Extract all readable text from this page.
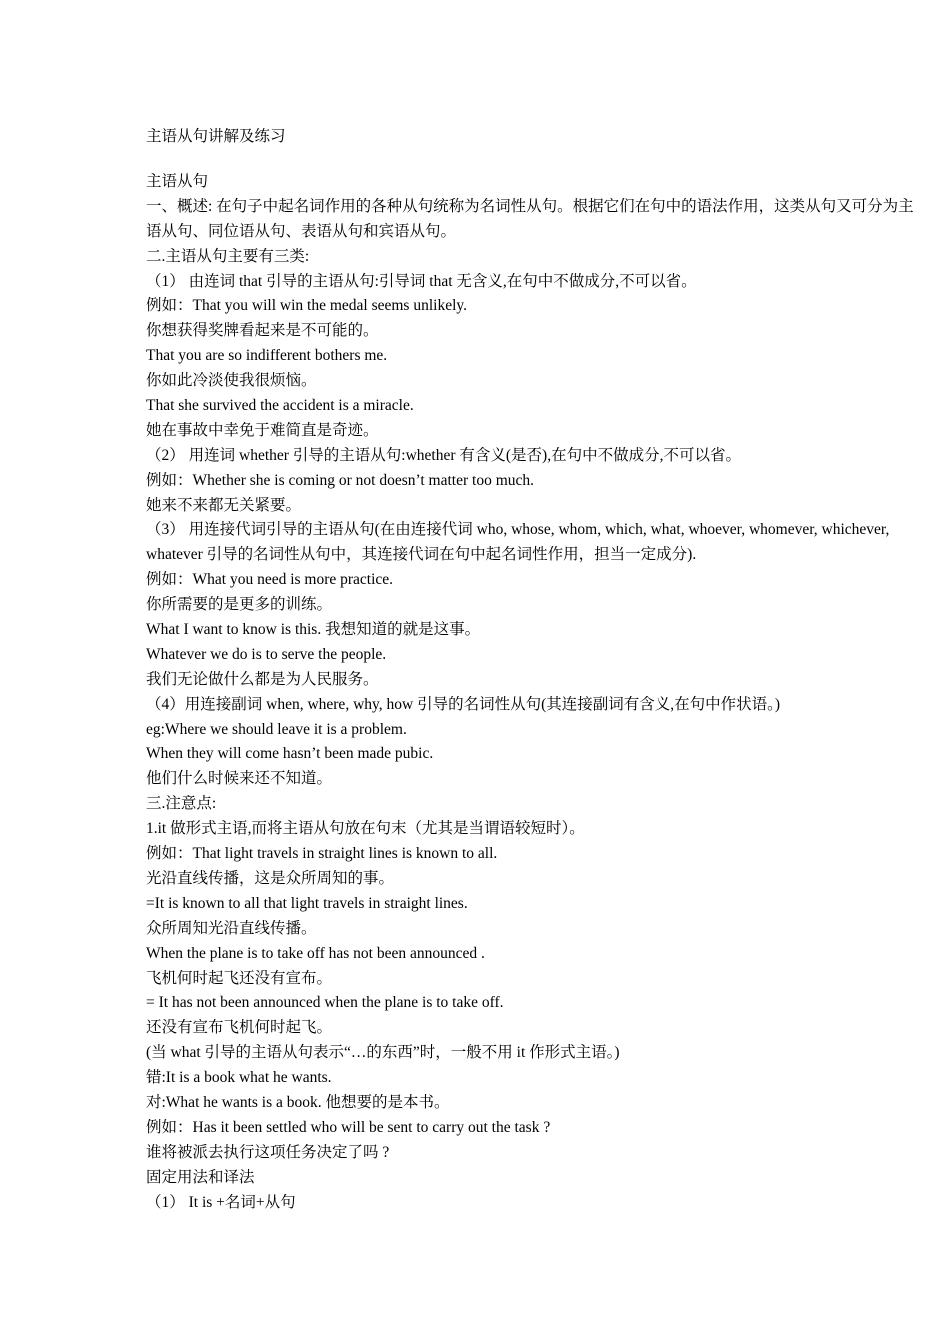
主语从句讲解及练习
主语从句
一、概述: 在句子中起名词作用的各种从句统称为名词性从句。根据它们在句中的语法作用，这类从句又可分为主
语从句、同位语从句、表语从句和宾语从句。
二.主语从句主要有三类:
（1） 由连词 that 引导的主语从句:引导词 that 无含义,在句中不做成分,不可以省。
例如：That you will win the medal seems unlikely.
你想获得奖牌看起来是不可能的。
That you are so indifferent bothers me.
你如此冷淡使我很烦恼。
That she survived the accident is a miracle.
她在事故中幸免于难简直是奇迹。
（2） 用连词 whether 引导的主语从句:whether 有含义(是否),在句中不做成分,不可以省。
例如：Whether she is coming or not doesn’t matter too much.
她来不来都无关紧要。
（3） 用连接代词引导的主语从句(在由连接代词 who, whose, whom, which, what, whoever, whomever, whichever,
whatever 引导的名词性从句中，其连接代词在句中起名词性作用，担当一定成分).
例如：What you need is more practice.
你所需要的是更多的训练。
What I want to know is this. 我想知道的就是这事。
Whatever we do is to serve the people.
我们无论做什么都是为人民服务。
（4）用连接副词 when, where, why, how 引导的名词性从句(其连接副词有含义,在句中作状语。)
eg:Where we should leave it is a problem.
When they will come hasn’t been made pubic.
他们什么时候来还不知道。
三.注意点:
1.it 做形式主语,而将主语从句放在句末（尤其是当谓语较短时）。
例如：That light travels in straight lines is known to all.
光沿直线传播，这是众所周知的事。
=It is known to all that light travels in straight lines.
众所周知光沿直线传播。
When the plane is to take off has not been announced .
飞机何时起飞还没有宣布。
= It has not been announced when the plane is to take off.
还没有宣布飞机何时起飞。
(当 what 引导的主语从句表示“…的东西”时，一般不用 it 作形式主语。)
错:It is a book what he wants.
对:What he wants is a book. 他想要的是本书。
例如：Has it been settled who will be sent to carry out the task ?
谁将被派去执行这项任务决定了吗 ?
固定用法和译法
（1） It is +名词+从句
